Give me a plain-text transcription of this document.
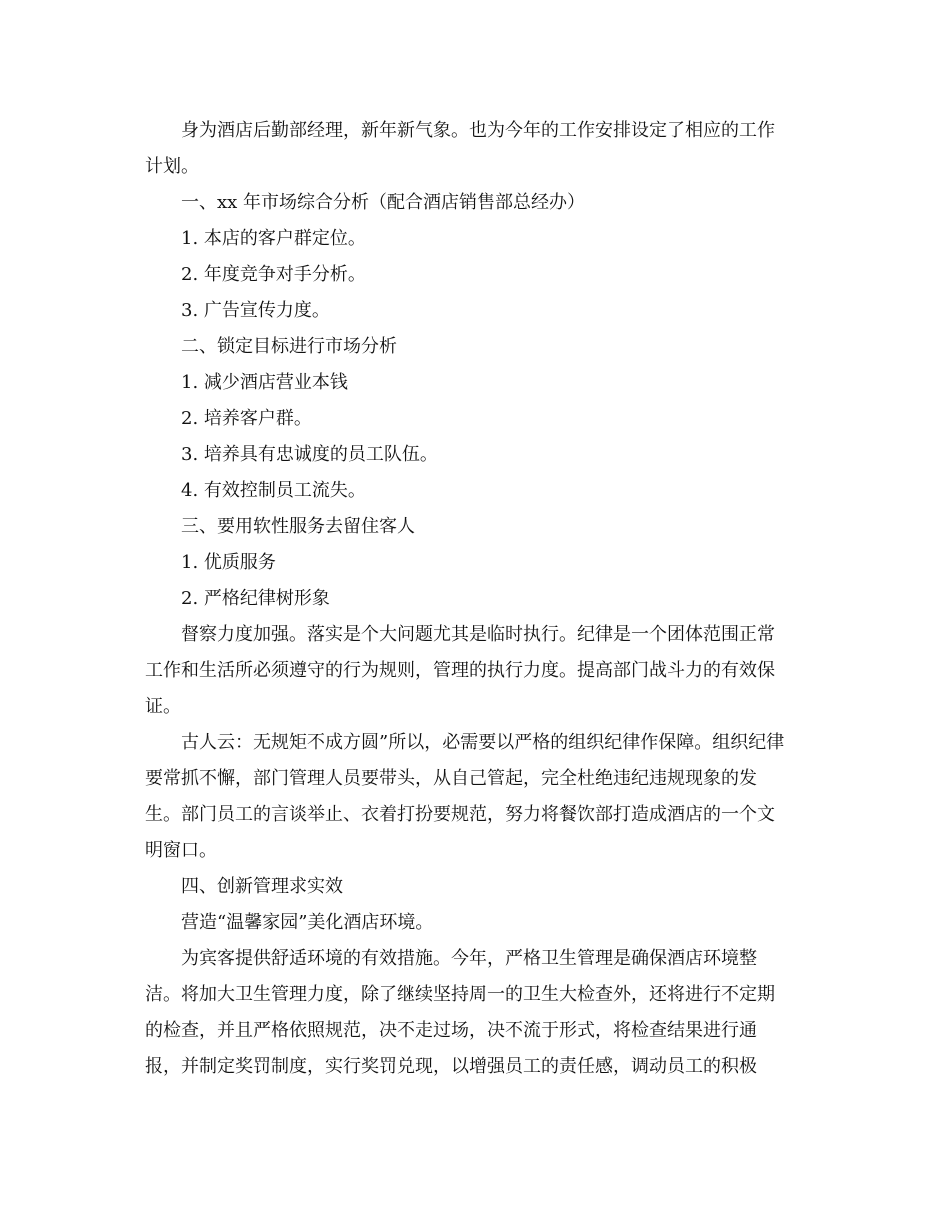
身为酒店后勤部经理，新年新气象。也为今年的工作安排设定了相应的工作

计划。

一、xx 年市场综合分析（配合酒店销售部总经办）

1. 本店的客户群定位。

2. 年度竞争对手分析。

3. 广告宣传力度。

二、锁定目标进行市场分析

1. 减少酒店营业本钱

2. 培养客户群。

3. 培养具有忠诚度的员工队伍。

4. 有效控制员工流失。

三、要用软性服务去留住客人

1. 优质服务

2. 严格纪律树形象

督察力度加强。落实是个大问题尤其是临时执行。纪律是一个团体范围正常

工作和生活所必须遵守的行为规则，管理的执行力度。提高部门战斗力的有效保

证。

古人云：无规矩不成方圆”所以，必需要以严格的组织纪律作保障。组织纪律

要常抓不懈，部门管理人员要带头，从自己管起，完全杜绝违纪违规现象的发

生。部门员工的言谈举止、衣着打扮要规范，努力将餐饮部打造成酒店的一个文

明窗口。

四、创新管理求实效

营造“温馨家园”美化酒店环境。

为宾客提供舒适环境的有效措施。今年，严格卫生管理是确保酒店环境整

洁。将加大卫生管理力度，除了继续坚持周一的卫生大检查外，还将进行不定期

的检查，并且严格依照规范，决不走过场，决不流于形式，将检查结果进行通

报，并制定奖罚制度，实行奖罚兑现，以增强员工的责任感，调动员工的积极
